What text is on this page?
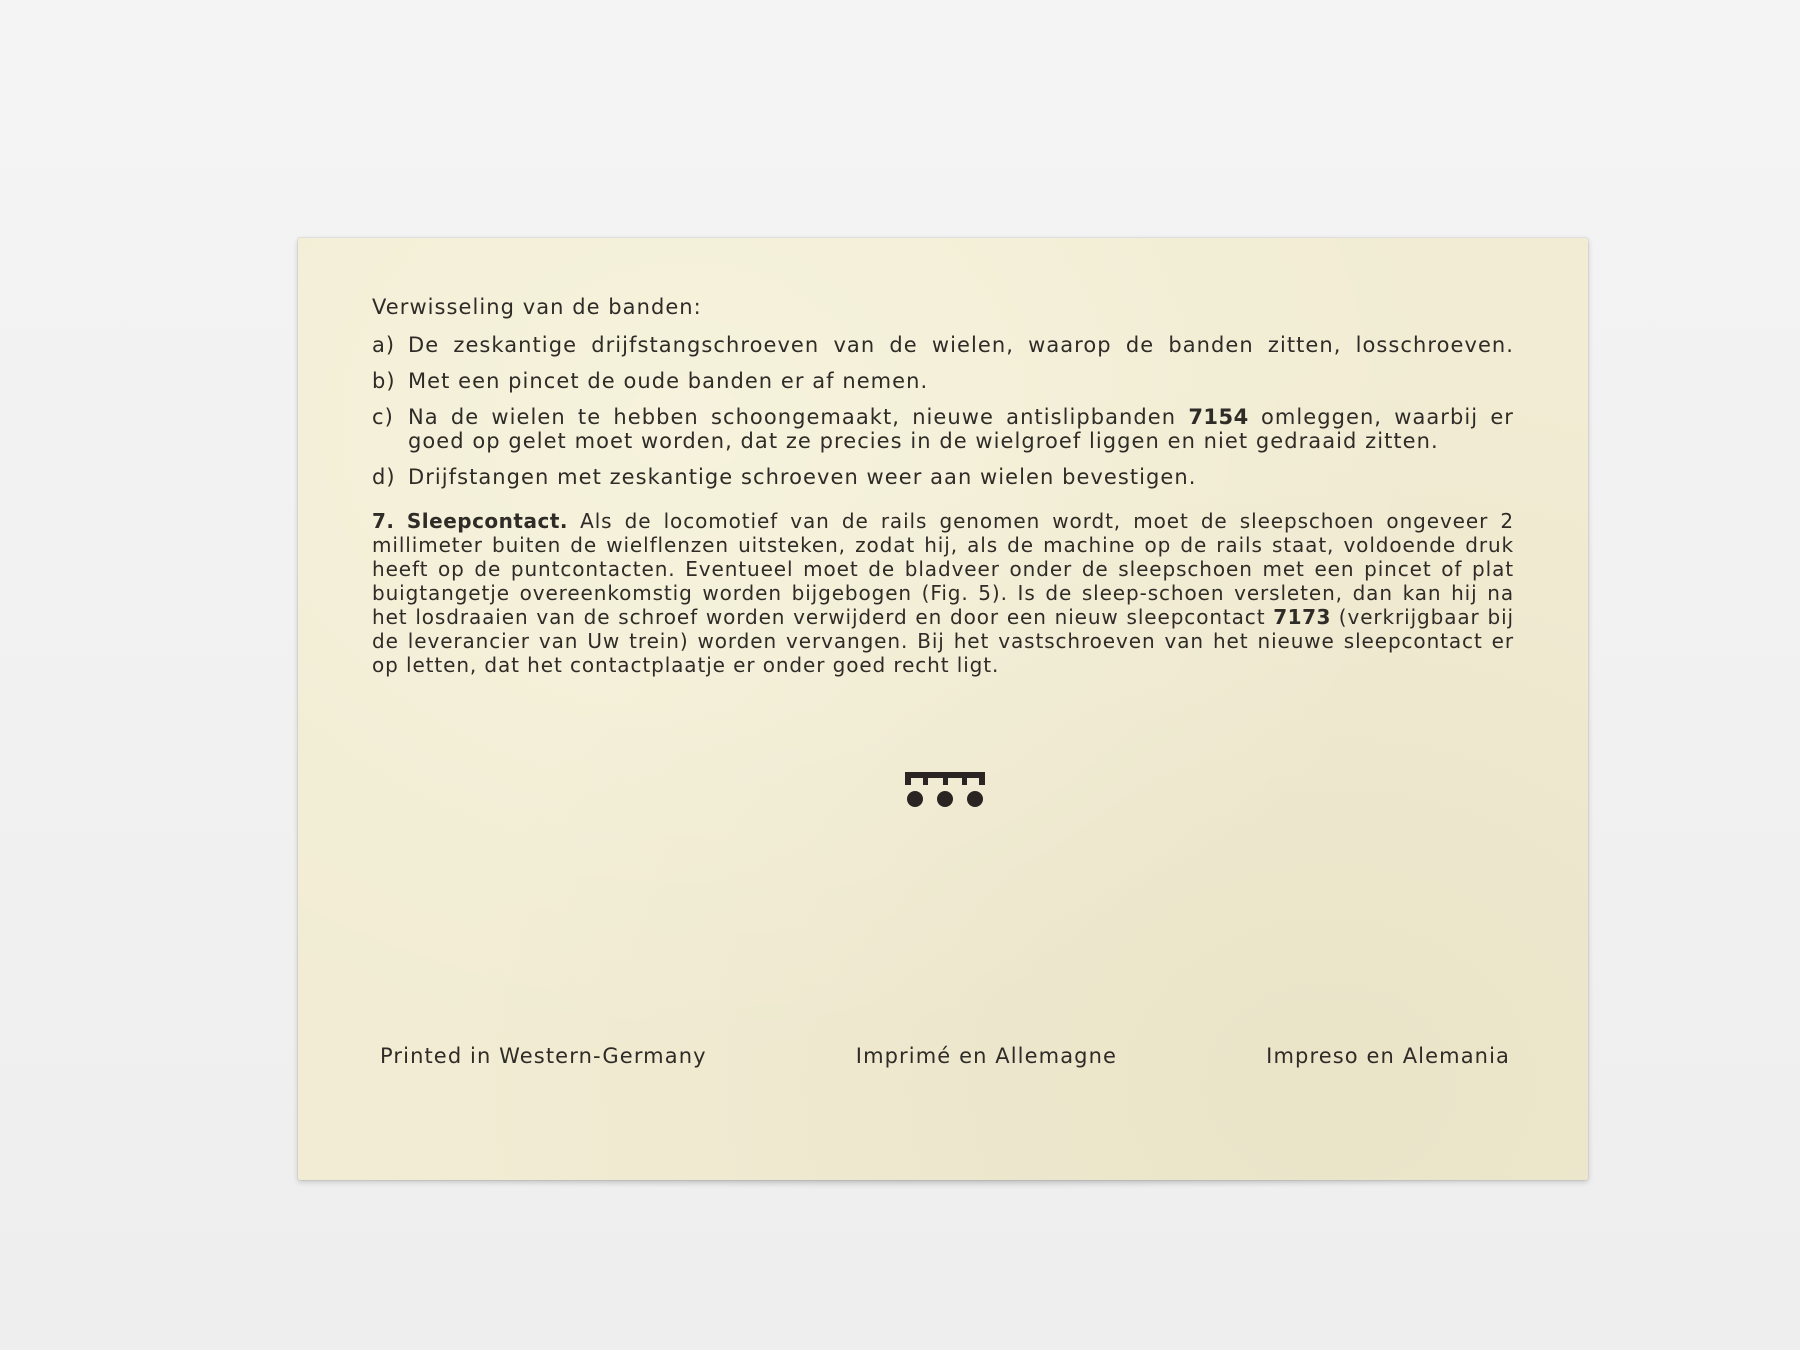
Verwisseling van de banden:
a) De zeskantige drijfstangschroeven van de wielen, waarop de banden zitten, losschroeven.
b) Met een pincet de oude banden er af nemen.
c) Na de wielen te hebben schoongemaakt, nieuwe antislipbanden 7154 omleggen, waarbij er goed op gelet moet worden, dat ze precies in de wielgroef liggen en niet gedraaid zitten.
d) Drijfstangen met zeskantige schroeven weer aan wielen bevestigen.
7. Sleepcontact. Als de locomotief van de rails genomen wordt, moet de sleepschoen ongeveer 2 millimeter buiten de wielflenzen uitsteken, zodat hij, als de machine op de rails staat, voldoende druk heeft op de puntcontacten. Eventueel moet de bladveer onder de sleepschoen met een pincet of plat buigtangetje overeenkomstig worden bijgebogen (Fig. 5). Is de sleep-schoen versleten, dan kan hij na het losdraaien van de schroef worden verwijderd en door een nieuw sleepcontact 7173 (verkrijgbaar bij de leverancier van Uw trein) worden vervangen. Bij het vastschroeven van het nieuwe sleepcontact er op letten, dat het contactplaatje er onder goed recht ligt.
Printed in Western-Germany	Imprimé en Allemagne	Impreso en Alemania
